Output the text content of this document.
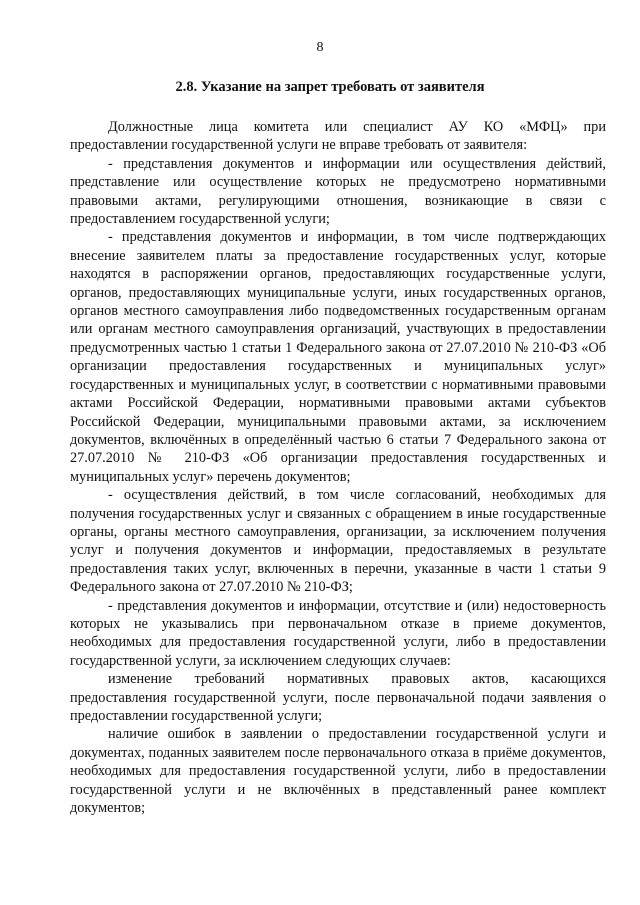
8
2.8. Указание на запрет требовать от заявителя

Должностные лица комитета или специалист АУ КО «МФЦ» при предоставлении государственной услуги не вправе требовать от заявителя:

- представления документов и информации или осуществления действий, представление или осуществление которых не предусмотрено нормативными правовыми актами, регулирующими отношения, возникающие в связи с предоставлением государственной услуги;

- представления документов и информации, в том числе подтверждающих внесение заявителем платы за предоставление государственных услуг, которые находятся в распоряжении органов, предоставляющих государственные услуги, органов, предоставляющих муниципальные услуги, иных государственных органов, органов местного самоуправления либо подведомственных государственным органам или органам местного самоуправления организаций, участвующих в предоставлении предусмотренных частью 1 статьи 1 Федерального закона от 27.07.2010 № 210-ФЗ «Об организации предоставления государственных и муниципальных услуг» государственных и муниципальных услуг, в соответствии с нормативными правовыми актами Российской Федерации, нормативными правовыми актами субъектов Российской Федерации, муниципальными правовыми актами, за исключением документов, включённых в определённый частью 6 статьи 7 Федерального закона от 27.07.2010 № 210-ФЗ «Об организации предоставления государственных и муниципальных услуг» перечень документов;

- осуществления действий, в том числе согласований, необходимых для получения государственных услуг и связанных с обращением в иные государственные органы, органы местного самоуправления, организации, за исключением получения услуг и получения документов и информации, предоставляемых в результате предоставления таких услуг, включенных в перечни, указанные в части 1 статьи 9 Федерального закона от 27.07.2010 № 210-ФЗ;

- представления документов и информации, отсутствие и (или) недостоверность которых не указывались при первоначальном отказе в приеме документов, необходимых для предоставления государственной услуги, либо в предоставлении государственной услуги, за исключением следующих случаев:

изменение требований нормативных правовых актов, касающихся предоставления государственной услуги, после первоначальной подачи заявления о предоставлении государственной услуги;

наличие ошибок в заявлении о предоставлении государственной услуги и документах, поданных заявителем после первоначального отказа в приёме документов, необходимых для предоставления государственной услуги, либо в предоставлении государственной услуги и не включённых в представленный ранее комплект документов;
